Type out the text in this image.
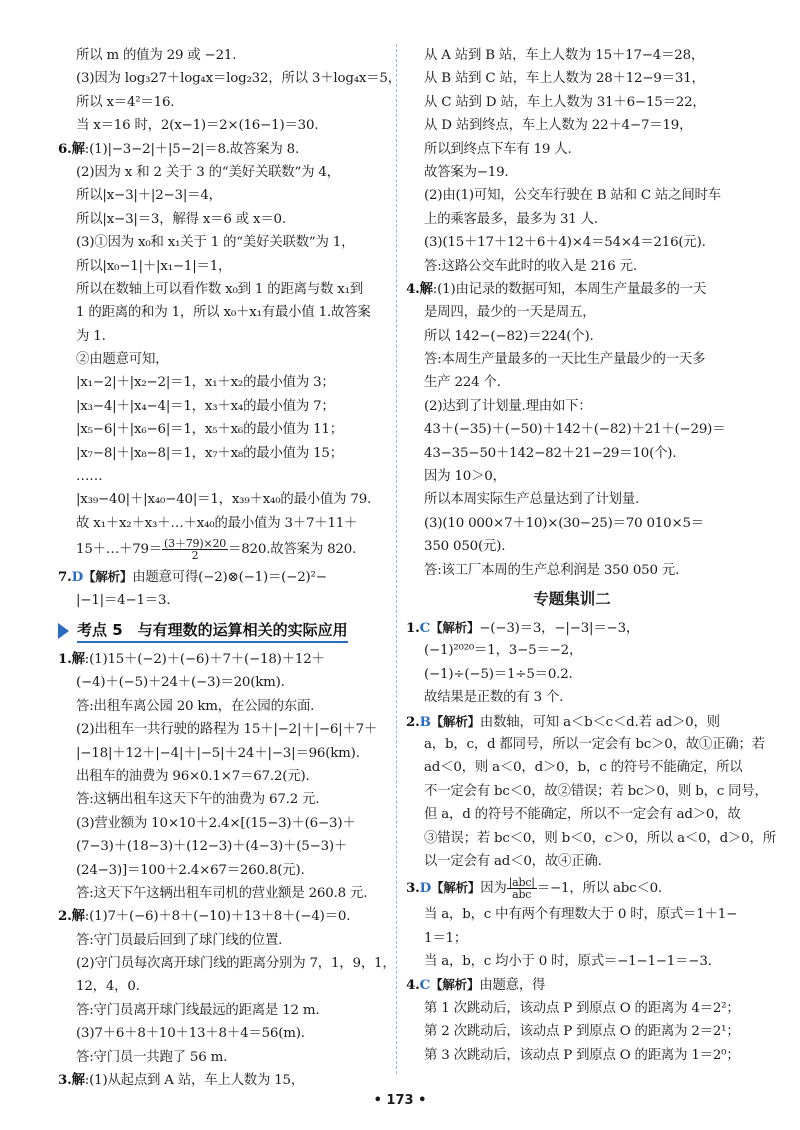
所以 m 的值为 29 或 −21.
(3)因为 log₃27＋log₄x＝log₂32，所以 3＋log₄x＝5，
所以 x＝4²＝16.
当 x＝16 时，2(x−1)＝2×(16−1)＝30.
6.解:(1)|−3−2|＋|5−2|＝8.故答案为 8.
(2)因为 x 和 2 关于 3 的“美好关联数”为 4，
所以|x−3|＋|2−3|＝4，
所以|x−3|＝3，解得 x＝6 或 x＝0.
(3)①因为 x₀和 x₁关于 1 的“美好关联数”为 1，
所以|x₀−1|＋|x₁−1|＝1，
所以在数轴上可以看作数 x₀到 1 的距离与数 x₁到
1 的距离的和为 1，所以 x₀＋x₁有最小值 1.故答案
为 1.
②由题意可知，
|x₁−2|＋|x₂−2|＝1，x₁＋x₂的最小值为 3；
|x₃−4|＋|x₄−4|＝1，x₃＋x₄的最小值为 7；
|x₅−6|＋|x₆−6|＝1，x₅＋x₆的最小值为 11；
|x₇−8|＋|x₈−8|＝1，x₇＋x₈的最小值为 15；
……
|x₃₉−40|＋|x₄₀−40|＝1，x₃₉＋x₄₀的最小值为 79.
故 x₁＋x₂＋x₃＋…＋x₄₀的最小值为 3＋7＋11＋
15＋…＋79＝ $\frac{(3+79)\times 20}{2} =820$.故答案为 820.
7.D【解析】由题意可得(−2)⊗(−1)＝(−2)²−
|−1|＝4−1＝3.
考点 5　与有理数的运算相关的实际应用
1.解:(1)15＋(−2)＋(−6)＋7＋(−18)＋12＋
(−4)＋(−5)＋24＋(−3)＝20(km).
答:出租车离公园 20 km，在公园的东面.
(2)出租车一共行驶的路程为 15＋|−2|＋|−6|＋7＋
|−18|＋12＋|−4|＋|−5|＋24＋|−3|＝96(km).
出租车的油费为 96×0.1×7＝67.2(元).
答:这辆出租车这天下午的油费为 67.2 元.
(3)营业额为 10×10＋2.4×[(15−3)＋(6−3)＋
(7−3)＋(18−3)＋(12−3)＋(4−3)＋(5−3)＋
(24−3)]＝100＋2.4×67＝260.8(元).
答:这天下午这辆出租车司机的营业额是 260.8 元.
2.解:(1)7＋(−6)＋8＋(−10)＋13＋8＋(−4)＝0.
答:守门员最后回到了球门线的位置.
(2)守门员每次离开球门线的距离分别为 7，1，9，1，
12，4，0.
答:守门员离开球门线最远的距离是 12 m.
(3)7＋6＋8＋10＋13＋8＋4＝56(m).
答:守门员一共跑了 56 m.
3.解:(1)从起点到 A 站，车上人数为 15，
从 A 站到 B 站，车上人数为 15＋17−4＝28，
从 B 站到 C 站，车上人数为 28＋12−9＝31，
从 C 站到 D 站，车上人数为 31＋6−15＝22，
从 D 站到终点，车上人数为 22＋4−7＝19，
所以到终点下车有 19 人.
故答案为−19.
(2)由(1)可知，公交车行驶在 B 站和 C 站之间时车
上的乘客最多，最多为 31 人.
(3)(15＋17＋12＋6＋4)×4＝54×4＝216(元).
答:这路公交车此时的收入是 216 元.
4.解:(1)由记录的数据可知，本周生产量最多的一天
是周四，最少的一天是周五，
所以 142−(−82)＝224(个).
答:本周生产量最多的一天比生产量最少的一天多
生产 224 个.
(2)达到了计划量.理由如下：
43＋(−35)＋(−50)＋142＋(−82)＋21＋(−29)＝
43−35−50＋142−82＋21−29＝10(个).
因为 10＞0，
所以本周实际生产总量达到了计划量.
(3)(10 000×7＋10)×(30−25)＝70 010×5＝
350 050(元).
答:该工厂本周的生产总利润是 350 050 元.
专题集训二
1.C【解析】−(−3)＝3，−|−3|＝−3，
(−1)²⁰²⁰＝1，3−5＝−2，
(−1)÷(−5)＝1÷5＝0.2.
故结果是正数的有 3 个.
2.B【解析】由数轴，可知 a＜b＜c＜d.若 ad＞0，则
a，b，c，d 都同号，所以一定会有 bc＞0，故①正确；若
ad＜0，则 a＜0，d＞0，b，c 的符号不能确定，所以
不一定会有 bc＜0，故②错误；若 bc＞0，则 b，c 同号，
但 a，d 的符号不能确定，所以不一定会有 ad＞0，故
③错误；若 bc＜0，则 b＜0，c＞0，所以 a＜0，d＞0，所
以一定会有 ad＜0，故④正确.
3.D【解析】因为 $\frac{\text{|abc|}}{\text{abc}} =-1$，所以 abc＜0.
当 a，b，c 中有两个有理数大于 0 时，原式＝1＋1−
1＝1；
当 a，b，c 均小于 0 时，原式＝−1−1−1＝−3.
4.C【解析】由题意，得
第 1 次跳动后，该动点 P 到原点 O 的距离为 4＝2²；
第 2 次跳动后，该动点 P 到原点 O 的距离为 2＝2¹；
第 3 次跳动后，该动点 P 到原点 O 的距离为 1＝2⁰；
• 173 •
